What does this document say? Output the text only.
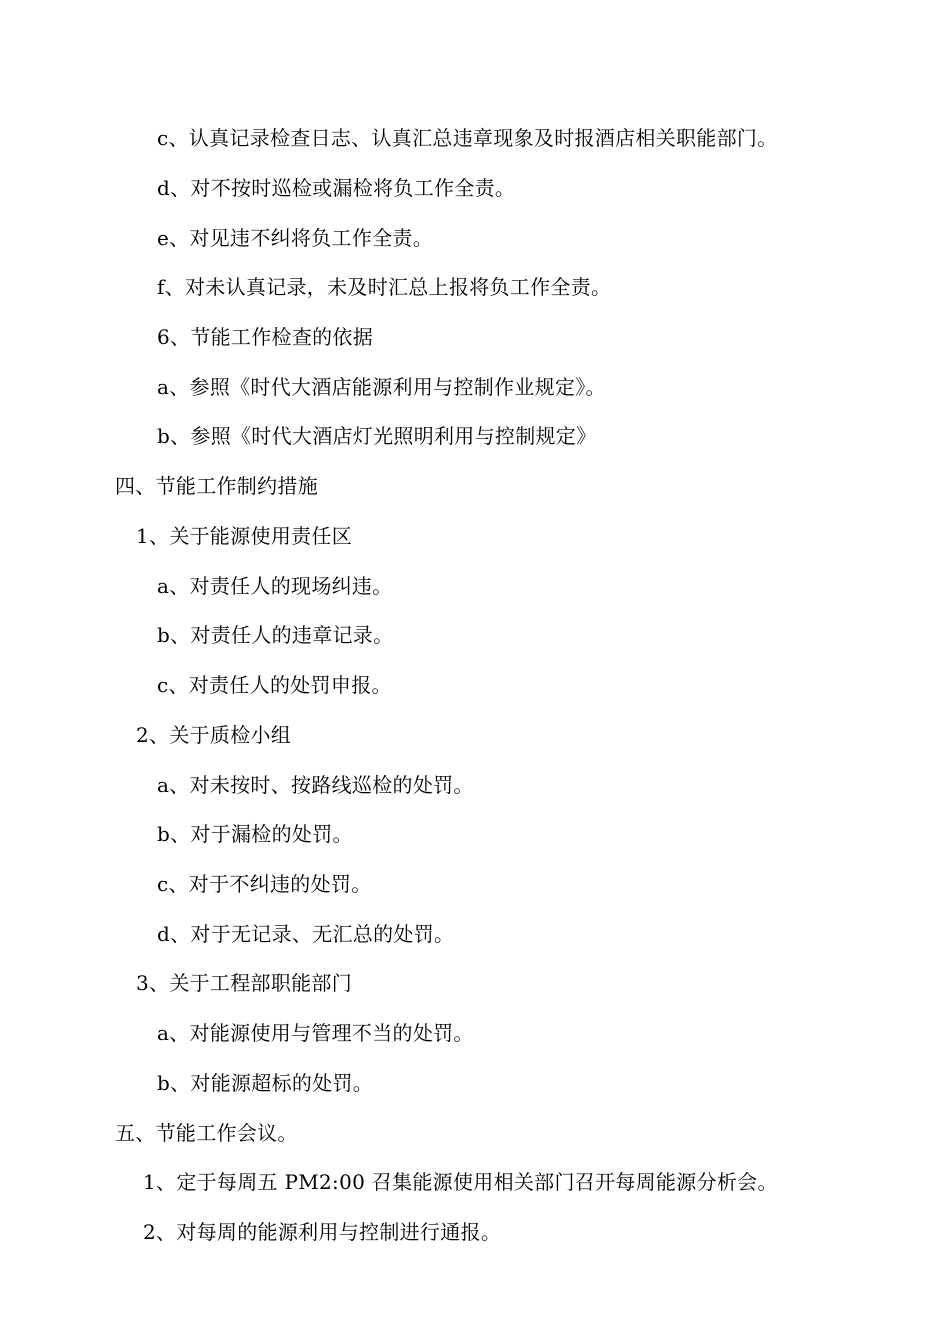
c、认真记录检查日志、认真汇总违章现象及时报酒店相关职能部门。
d、对不按时巡检或漏检将负工作全责。
e、对见违不纠将负工作全责。
f、对未认真记录，未及时汇总上报将负工作全责。
6、节能工作检查的依据
a、参照《时代大酒店能源利用与控制作业规定》。
b、参照《时代大酒店灯光照明利用与控制规定》
四、节能工作制约措施
1、关于能源使用责任区
a、对责任人的现场纠违。
b、对责任人的违章记录。
c、对责任人的处罚申报。
2、关于质检小组
a、对未按时、按路线巡检的处罚。
b、对于漏检的处罚。
c、对于不纠违的处罚。
d、对于无记录、无汇总的处罚。
3、关于工程部职能部门
a、对能源使用与管理不当的处罚。
b、对能源超标的处罚。
五、节能工作会议。
1、定于每周五 PM2:00 召集能源使用相关部门召开每周能源分析会。
2、对每周的能源利用与控制进行通报。
